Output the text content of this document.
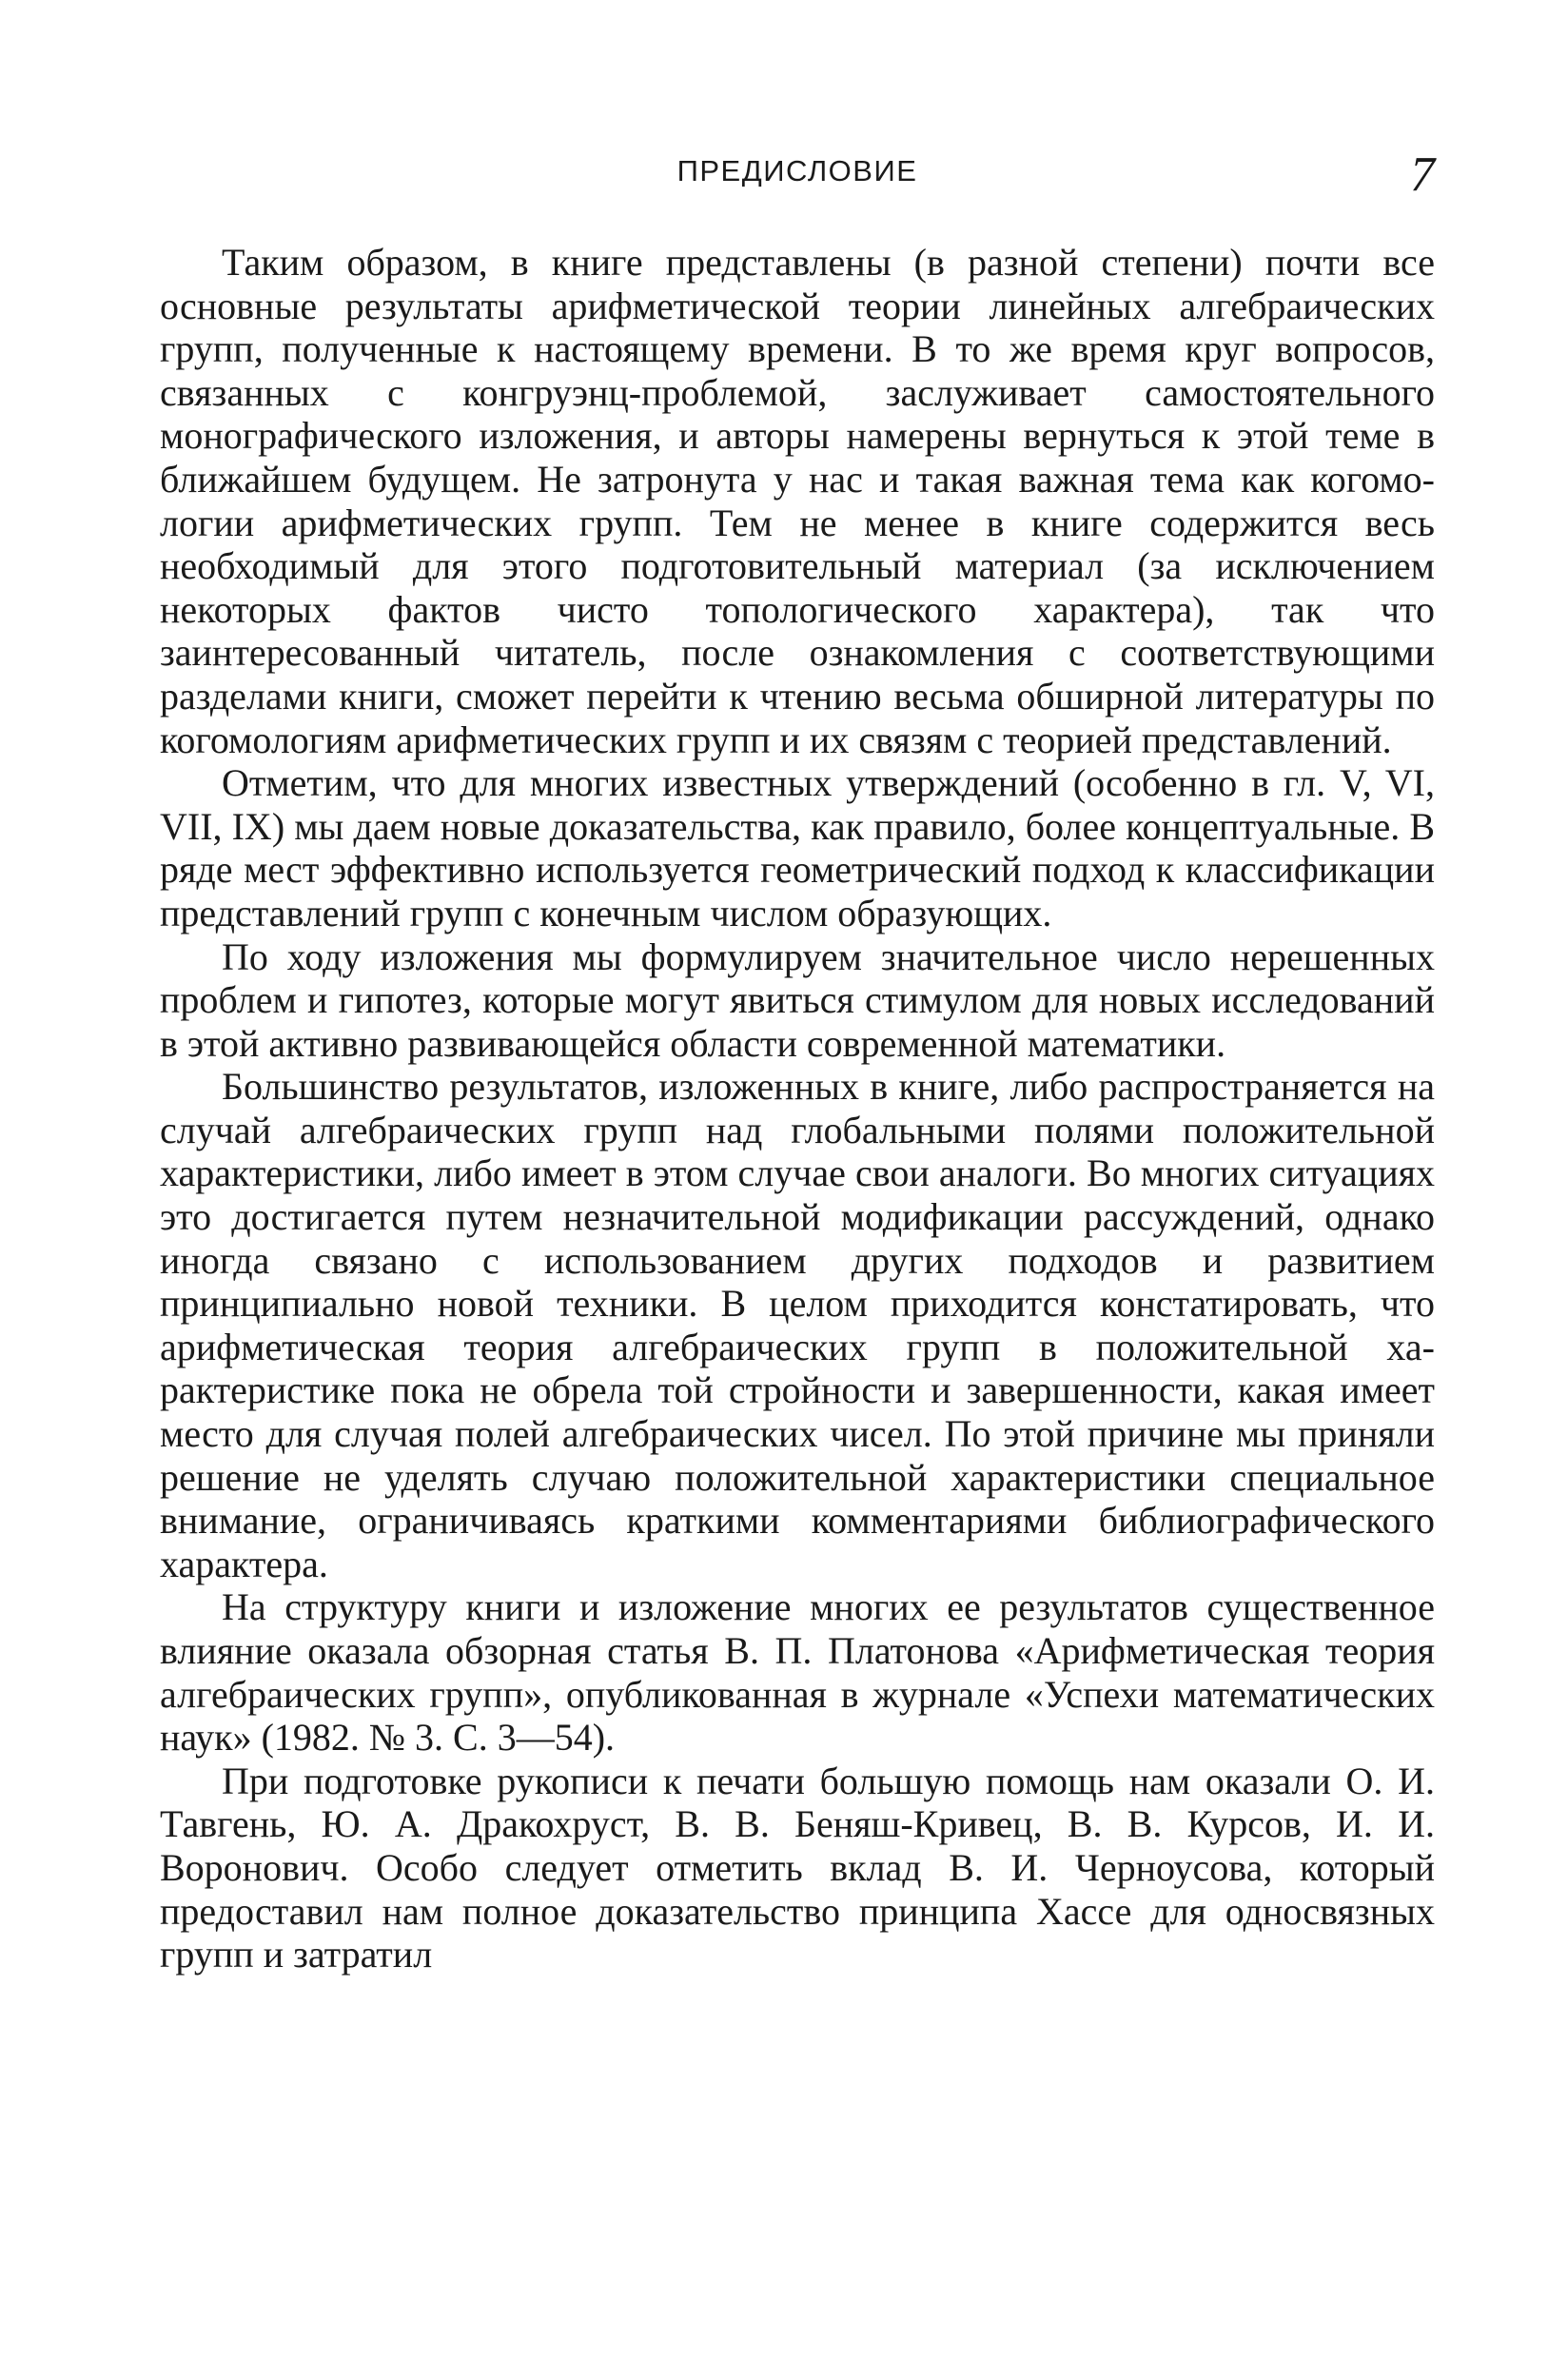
ПРЕДИСЛОВИЕ	7

Таким образом, в книге представлены (в разной степени) почти все основные результаты арифметической теории линейных алгебраических групп, полученные к настоящему времени. В то же время круг вопросов, связанных с конгруэнц-проблемой, заслуживает самостоятельного монографического изложения, и авторы намерены вернуться к этой теме в ближайшем будущем. Не затронута у нас и такая важная тема как когомологии арифметических групп. Тем не менее в книге содержится весь необходимый для этого подготовительный материал (за исключением некоторых фактов чисто топологического характера), так что заинтересованный читатель, после ознакомления с соответствующими разделами книги, сможет перейти к чтению весьма обширной литературы по когомологиям арифметических групп и их связям с теорией представлений.

Отметим, что для многих известных утверждений (особенно в гл. V, VI, VII, IX) мы даем новые доказательства, как правило, более концептуальные. В ряде мест эффективно используется геометрический подход к классификации представлений групп с конечным числом образующих.

По ходу изложения мы формулируем значительное число нерешенных проблем и гипотез, которые могут явиться стимулом для новых исследований в этой активно развивающейся области современной математики.

Большинство результатов, изложенных в книге, либо распространяется на случай алгебраических групп над глобальными полями положительной характеристики, либо имеет в этом случае свои аналоги. Во многих ситуациях это достигается путем незначительной модификации рассуждений, однако иногда связано с использованием других подходов и развитием принципиально новой техники. В целом приходится констатировать, что арифметическая теория алгебраических групп в положительной характеристике пока не обрела той стройности и завершенности, какая имеет место для случая полей алгебраических чисел. По этой причине мы приняли решение не уделять случаю положительной характеристики специальное внимание, ограничиваясь краткими комментариями библиографического характера.

На структуру книги и изложение многих ее результатов существенное влияние оказала обзорная статья В. П. Платонова «Арифметическая теория алгебраических групп», опубликованная в журнале «Успехи математических наук» (1982. № 3. С. 3—54).

При подготовке рукописи к печати большую помощь нам оказали О. И. Тавгень, Ю. А. Дракохруст, В. В. Беняш-Кривец, В. В. Курсов, И. И. Воронович. Особо следует отметить вклад В. И. Черноусова, который предоставил нам полное доказательство принципа Хассе для односвязных групп и затратил
